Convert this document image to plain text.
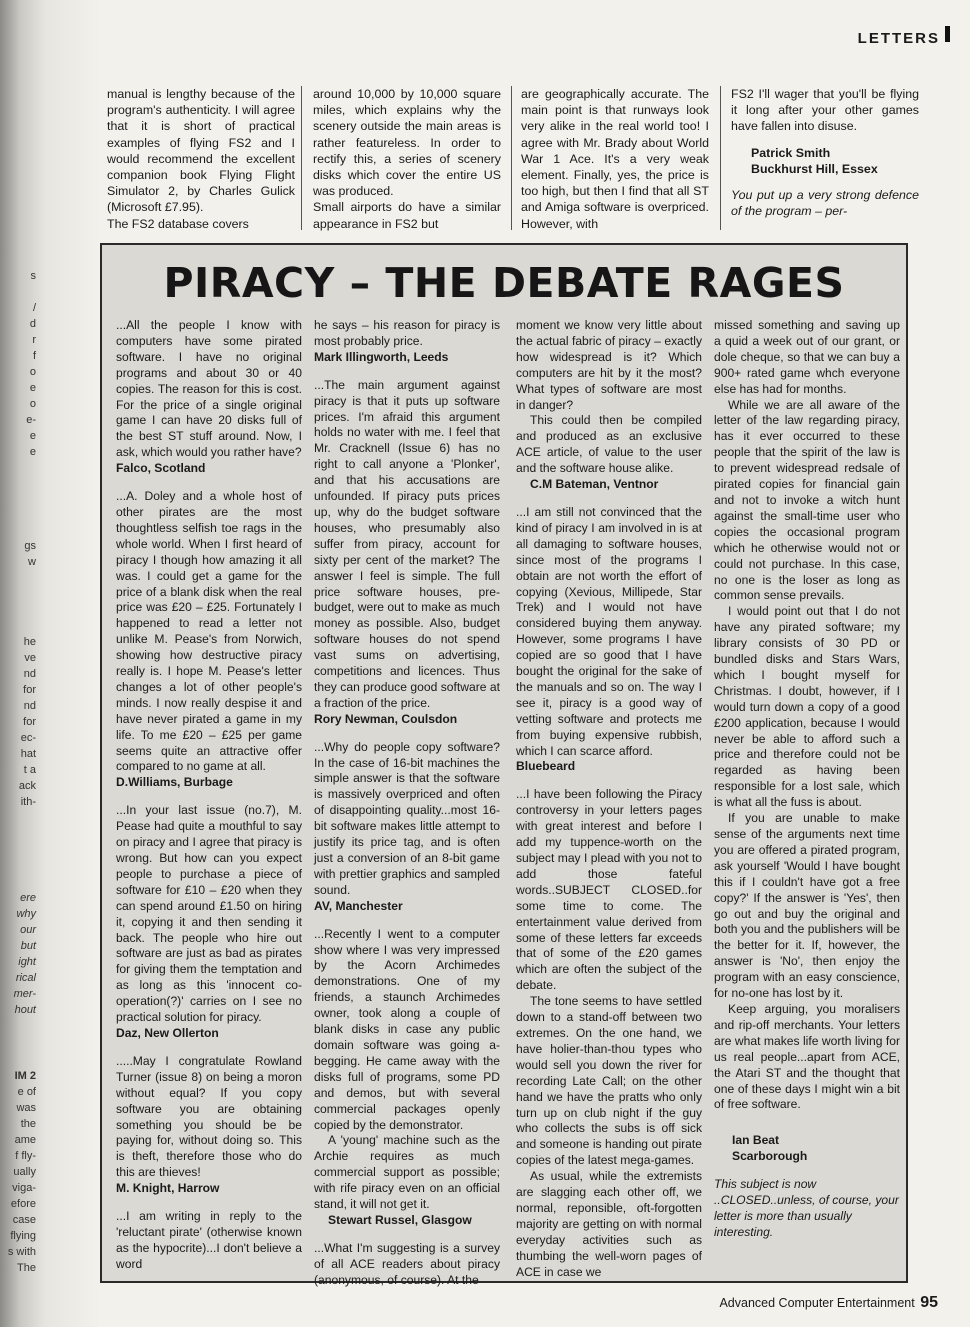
s
/
d
r
f
o
e
o
e-
e
e
gs
w
he
ve
nd
for
nd
for
ec-
hat
t a
ack
ith-
ere
why
our
but
ight
rical
mer-
hout
IM 2
e of
was
the
ame
f fly-
ually
viga-
efore
case
flying
s with
The
LETTERS
manual is lengthy because of the program's authenticity. I will agree that it is short of practical examples of flying FS2 and I would recommend the excellent companion book Flying Flight Simulator 2, by Charles Gulick (Microsoft £7.95).
The FS2 database covers
around 10,000 by 10,000 square miles, which explains why the scenery outside the main areas is rather featureless. In order to rectify this, a series of scenery disks which cover the entire US was produced.
Small airports do have a similar appearance in FS2 but
are geographically accurate. The main point is that runways look very alike in the real world too! I agree with Mr. Brady about World War 1 Ace. It's a very weak element. Finally, yes, the price is too high, but then I find that all ST and Amiga software is overpriced. However, with
FS2 I'll wager that you'll be flying it long after your other games have fallen into disuse.
Patrick Smith
Buckhurst Hill, Essex
You put up a very strong defence of the program – per-
PIRACY – THE DEBATE RAGES

...All the people I know with computers have some pirated software. I have no original programs and about 30 or 40 copies. The reason for this is cost. For the price of a single original game I can have 20 disks full of the best ST stuff around. Now, I ask, which would you rather have?
Falco, Scotland

...A. Doley and a whole host of other pirates are the most thoughtless selfish toe rags in the whole world. When I first heard of piracy I though how amazing it all was. I could get a game for the price of a blank disk when the real price was £20 – £25. Fortunately I happened to read a letter not unlike M. Pease's from Norwich, showing how destructive piracy really is. I hope M. Pease's letter changes a lot of other people's minds. I now really despise it and have never pirated a game in my life. To me £20 – £25 per game seems quite an attractive offer compared to no game at all.
D.Williams, Burbage

...In your last issue (no.7), M. Pease had quite a mouthful to say on piracy and I agree that piracy is wrong. But how can you expect people to purchase a piece of software for £10 – £20 when they can spend around £1.50 on hiring it, copying it and then sending it back. The people who hire out software are just as bad as pirates for giving them the temptation and as long as this 'innocent co-operation(?)' carries on I see no practical solution for piracy.
Daz, New Ollerton

.....May I congratulate Rowland Turner (issue 8) on being a moron without equal? If you copy software you are obtaining something you should be be paying for, without doing so. This is theft, therefore those who do this are thieves!
M. Knight, Harrow

...I am writing in reply to the 'reluctant pirate' (otherwise known as the hypocrite)...I don't believe a word

he says – his reason for piracy is most probably price.
Mark Illingworth, Leeds

...The main argument against piracy is that it puts up software prices. I'm afraid this argument holds no water with me. I feel that Mr. Cracknell (Issue 6) has no right to call anyone a 'Plonker', and that his accusations are unfounded. If piracy puts prices up, why do the budget software houses, who presumably also suffer from piracy, account for sixty per cent of the market? The answer I feel is simple. The full price software houses, pre-budget, were out to make as much money as possible. Also, budget software houses do not spend vast sums on advertising, competitions and licences. Thus they can produce good software at a fraction of the price.
Rory Newman, Coulsdon

...Why do people copy software? In the case of 16-bit machines the simple answer is that the software is massively overpriced and often of disappointing quality...most 16-bit software makes little attempt to justify its price tag, and is often just a conversion of an 8-bit game with prettier graphics and sampled sound.
AV, Manchester

...Recently I went to a computer show where I was very impressed by the Acorn Archimedes demonstrations. One of my friends, a staunch Archimedes owner, took along a couple of blank disks in case any public domain software was going a-begging. He came away with the disks full of programs, some PD and demos, but with several commercial packages openly copied by the demonstrator.

A 'young' machine such as the Archie requires as much commercial support as possible; with rife piracy even on an official stand, it will not get it.
Stewart Russel, Glasgow

...What I'm suggesting is a survey of all ACE readers about piracy (anonymous, of course). At the

moment we know very little about the actual fabric of piracy – exactly how widespread is it? Which computers are hit by it the most? What types of software are most in danger?

This could then be compiled and produced as an exclusive ACE article, of value to the user and the software house alike.
C.M Bateman, Ventnor

...I am still not convinced that the kind of piracy I am involved in is at all damaging to software houses, since most of the programs I obtain are not worth the effort of copying (Xevious, Millipede, Star Trek) and I would not have considered buying them anyway. However, some programs I have copied are so good that I have bought the original for the sake of the manuals and so on. The way I see it, piracy is a good way of vetting software and protects me from buying expensive rubbish, which I can scarce afford.
Bluebeard

...I have been following the Piracy controversy in your letters pages with great interest and before I add my tuppence-worth on the subject may I plead with you not to add those fateful words..SUBJECT CLOSED..for some time to come. The entertainment value derived from some of these letters far exceeds that of some of the £20 games which are often the subject of the debate.

The tone seems to have settled down to a stand-off between two extremes. On the one hand, we have holier-than-thou types who would sell you down the river for recording Late Call; on the other hand we have the pratts who only turn up on club night if the guy who collects the subs is off sick and someone is handing out pirate copies of the latest mega-games.

As usual, while the extremists are slagging each other off, we normal, reponsible, oft-forgotten majority are getting on with normal everyday activities such as thumbing the well-worn pages of ACE in case we

missed something and saving up a quid a week out of our grant, or dole cheque, so that we can buy a 900+ rated game whch everyone else has had for months.

While we are all aware of the letter of the law regarding piracy, has it ever occurred to these people that the spirit of the law is to prevent widespread redsale of pirated copies for financial gain and not to invoke a witch hunt against the small-time user who copies the occasional program which he otherwise would not or could not purchase. In this case, no one is the loser as long as common sense prevails.

I would point out that I do not have any pirated software; my library consists of 30 PD or bundled disks and Stars Wars, which I bought myself for Christmas. I doubt, however, if I would turn down a copy of a good £200 application, because I would never be able to afford such a price and therefore could not be regarded as having been responsible for a lost sale, which is what all the fuss is about.

If you are unable to make sense of the arguments next time you are offered a pirated program, ask yourself 'Would I have bought this if I couldn't have got a free copy?' If the answer is 'Yes', then go out and buy the original and both you and the publishers will be the better for it. If, however, the answer is 'No', then enjoy the program with an easy conscience, for no-one has lost by it.

Keep arguing, you moralisers and rip-off merchants. Your letters are what makes life worth living for us real people...apart from ACE, the Atari ST and the thought that one of these days I might win a bit of free software.

Ian Beat
Scarborough

This subject is now ..CLOSED..unless, of course, your letter is more than usually interesting.

Advanced Computer Entertainment 95
